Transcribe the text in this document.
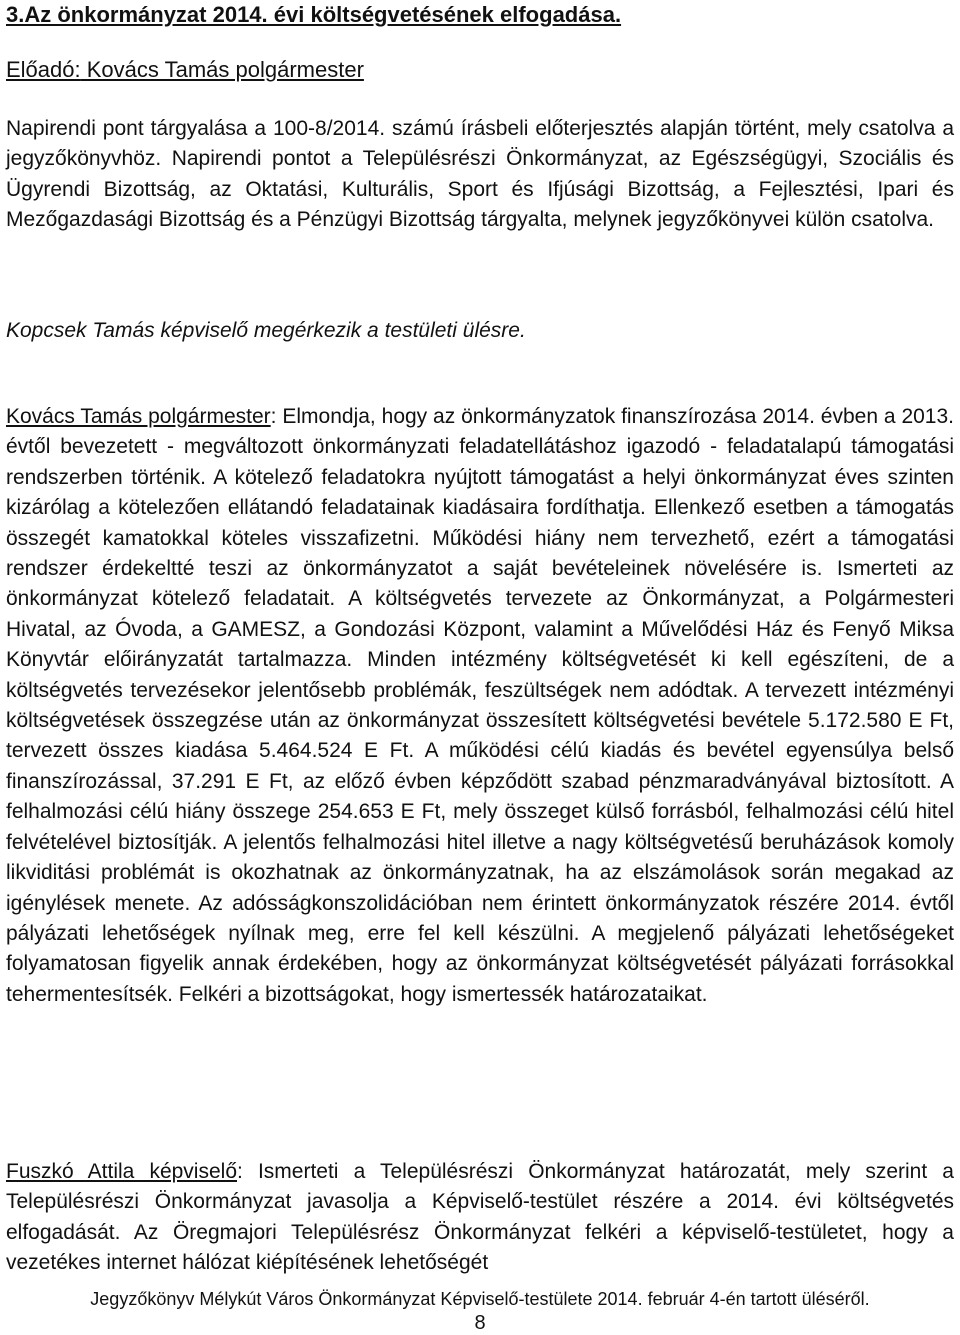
3.Az önkormányzat 2014. évi költségvetésének elfogadása.
Előadó: Kovács Tamás polgármester

Napirendi pont tárgyalása a 100-8/2014. számú írásbeli előterjesztés alapján történt, mely csatolva a jegyzőkönyvhöz. Napirendi pontot a Településrészi Önkormányzat, az Egészségügyi, Szociális és Ügyrendi Bizottság, az Oktatási, Kulturális, Sport és Ifjúsági Bizottság, a Fejlesztési, Ipari és Mezőgazdasági Bizottság és a Pénzügyi Bizottság tárgyalta, melynek jegyzőkönyvei külön csatolva.

Kopcsek Tamás képviselő megérkezik a testületi ülésre.

Kovács Tamás polgármester: Elmondja, hogy az önkormányzatok finanszírozása 2014. évben a 2013. évtől bevezetett - megváltozott önkormányzati feladatellátáshoz igazodó - feladatalapú támogatási rendszerben történik. A kötelező feladatokra nyújtott támogatást a helyi önkormányzat éves szinten kizárólag a kötelezően ellátandó feladatainak kiadásaira fordíthatja. Ellenkező esetben a támogatás összegét kamatokkal köteles visszafizetni. Működési hiány nem tervezhető, ezért a támogatási rendszer érdekeltté teszi az önkormányzatot a saját bevételeinek növelésére is. Ismerteti az önkormányzat kötelező feladatait. A költségvetés tervezete az Önkormányzat, a Polgármesteri Hivatal, az Óvoda, a GAMESZ, a Gondozási Központ, valamint a Művelődési Ház és Fenyő Miksa Könyvtár előirányzatát tartalmazza. Minden intézmény költségvetését ki kell egészíteni, de a költségvetés tervezésekor jelentősebb problémák, feszültségek nem adódtak. A tervezett intézményi költségvetések összegzése után az önkormányzat összesített költségvetési bevétele 5.172.580 E Ft, tervezett összes kiadása 5.464.524 E Ft. A működési célú kiadás és bevétel egyensúlya belső finanszírozással, 37.291 E Ft, az előző évben képződött szabad pénzmaradványával biztosított. A felhalmozási célú hiány összege 254.653 E Ft, mely összeget külső forrásból, felhalmozási célú hitel felvételével biztosítják. A jelentős felhalmozási hitel illetve a nagy költségvetésű beruházások komoly likviditási problémát is okozhatnak az önkormányzatnak, ha az elszámolások során megakad az igénylések menete. Az adósságkonszolidációban nem érintett önkormányzatok részére 2014. évtől pályázati lehetőségek nyílnak meg, erre fel kell készülni. A megjelenő pályázati lehetőségeket folyamatosan figyelik annak érdekében, hogy az önkormányzat költségvetését pályázati forrásokkal tehermentesítsék. Felkéri a bizottságokat, hogy ismertessék határozataikat.

Fuszkó Attila képviselő: Ismerteti a Településrészi Önkormányzat határozatát, mely szerint a Településrészi Önkormányzat javasolja a Képviselő-testület részére a 2014. évi költségvetés elfogadását. Az Öregmajori Településrész Önkormányzat felkéri a képviselő-testületet, hogy a vezetékes internet hálózat kiépítésének lehetőségét

Jegyzőkönyv Mélykút Város Önkormányzat Képviselő-testülete 2014. február 4-én tartott üléséről.
8
